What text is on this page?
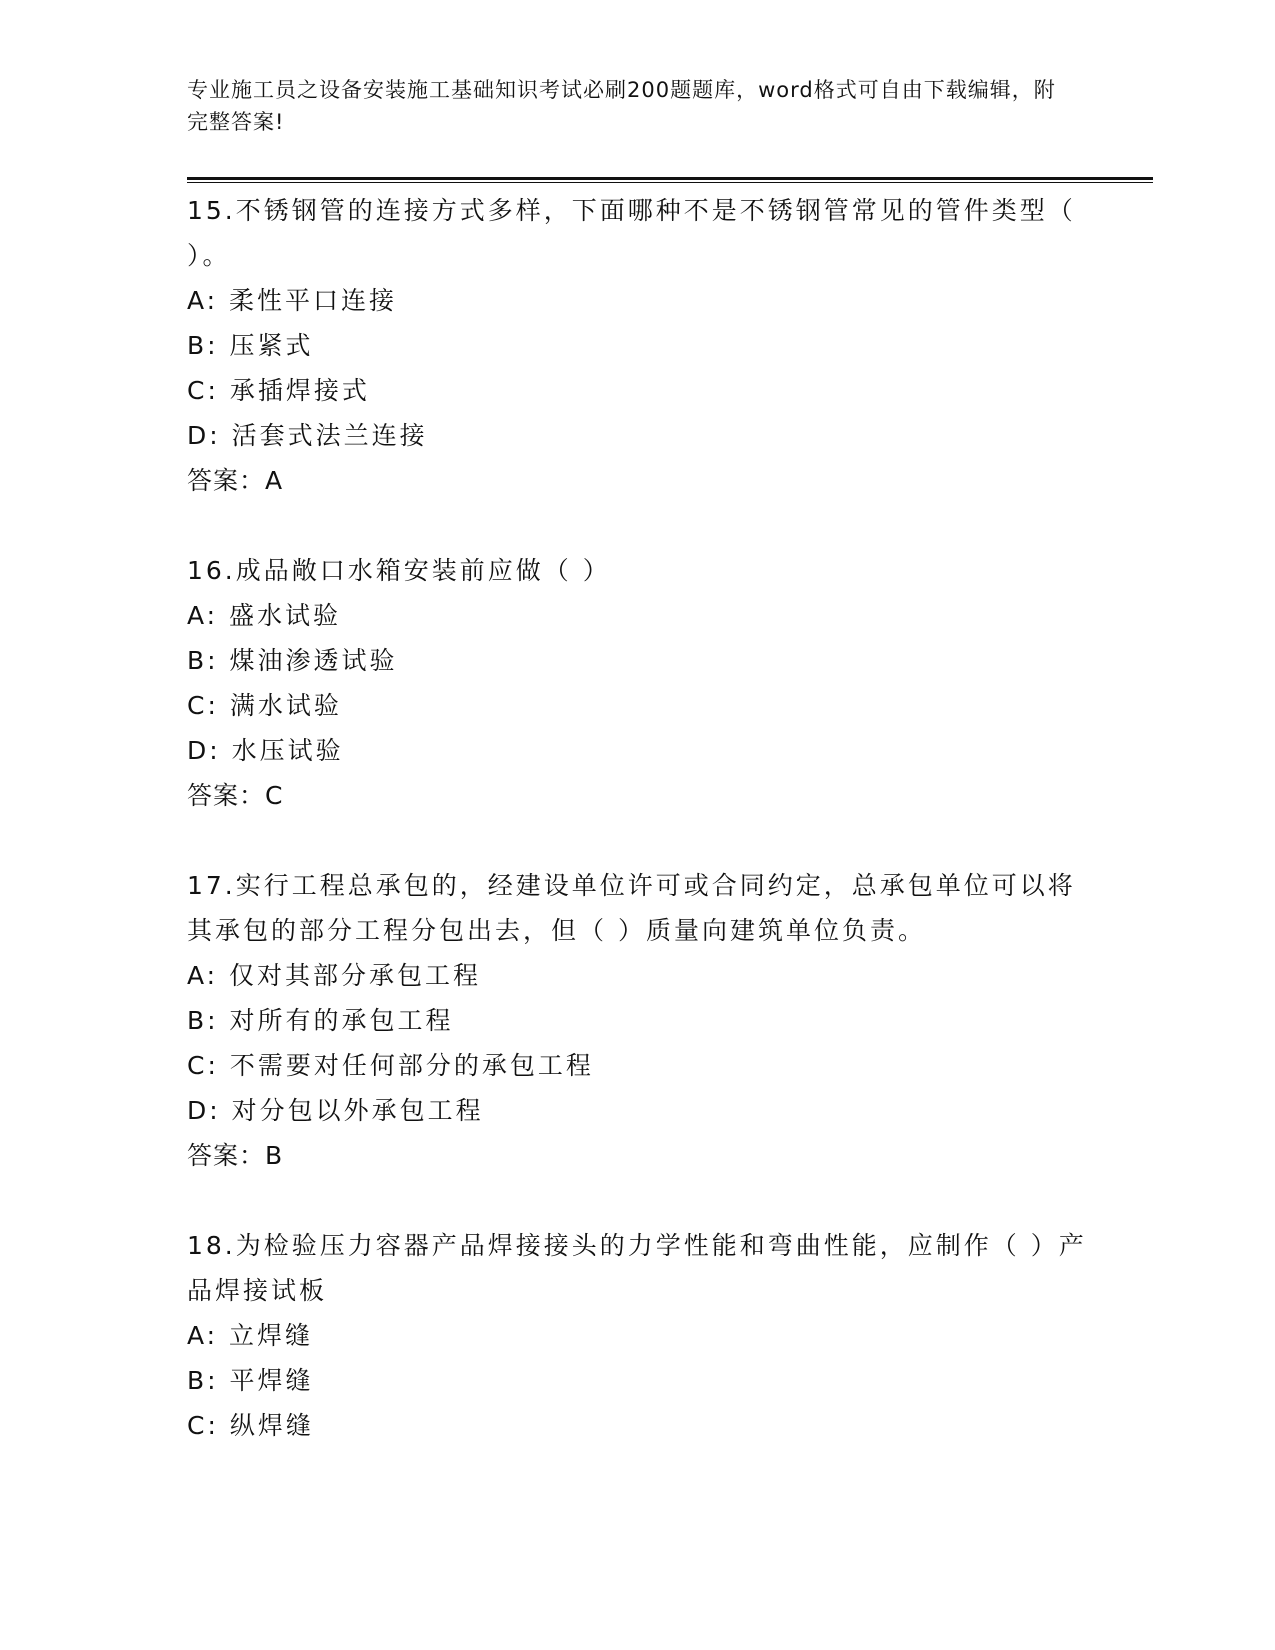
专业施工员之设备安装施工基础知识考试必刷200题题库，word格式可自由下载编辑，附完整答案!
15.不锈钢管的连接方式多样，下面哪种不是不锈钢管常见的管件类型（ ）。
A: 柔性平口连接
B: 压紧式
C: 承插焊接式
D: 活套式法兰连接
答案：A
16.成品敞口水箱安装前应做（ ）
A: 盛水试验
B: 煤油渗透试验
C: 满水试验
D: 水压试验
答案：C
17.实行工程总承包的，经建设单位许可或合同约定，总承包单位可以将其承包的部分工程分包出去，但（ ）质量向建筑单位负责。
A: 仅对其部分承包工程
B: 对所有的承包工程
C: 不需要对任何部分的承包工程
D: 对分包以外承包工程
答案：B
18.为检验压力容器产品焊接接头的力学性能和弯曲性能，应制作（ ）产品焊接试板
A: 立焊缝
B: 平焊缝
C: 纵焊缝
